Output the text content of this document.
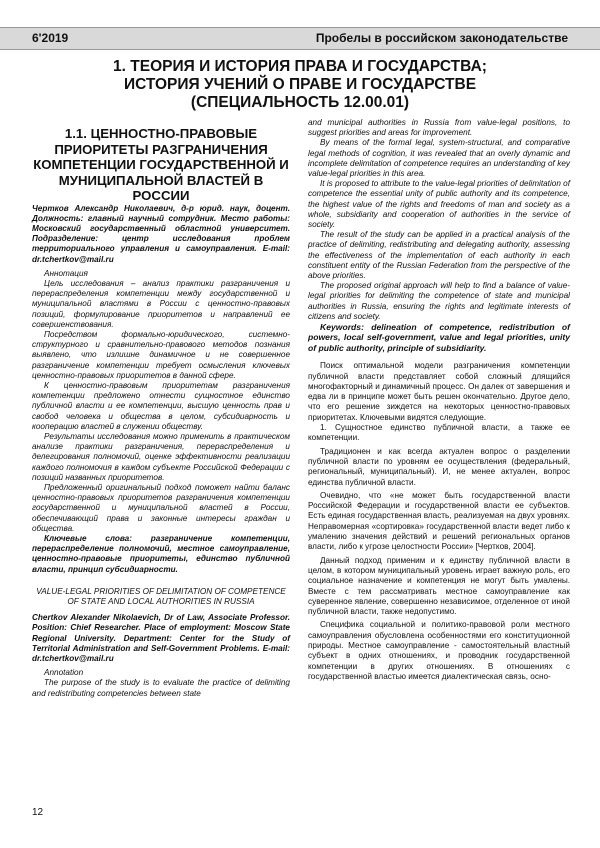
6'2019	Пробелы в российском законодательстве
1. ТЕОРИЯ И ИСТОРИЯ ПРАВА И ГОСУДАРСТВА;
ИСТОРИЯ УЧЕНИЙ О ПРАВЕ И ГОСУДАРСТВЕ
(СПЕЦИАЛЬНОСТЬ 12.00.01)

1.1. ЦЕННОСТНО-ПРАВОВЫЕ ПРИОРИТЕТЫ РАЗГРАНИЧЕНИЯ КОМПЕТЕНЦИИ ГОСУДАРСТВЕННОЙ И МУНИЦИПАЛЬНОЙ ВЛАСТЕЙ В РОССИИ

Чертков Александр Николаевич, д-р юрид. наук, доцент. Должность: главный научный сотрудник. Место работы: Московский государственный областной университет. Подразделение: центр исследования проблем территориального управления и самоуправления. E-mail: dr.tchertkov@mail.ru

Аннотация

Цель исследования – анализ практики разграничения и перераспределения компетенции между государственной и муниципальной властями в России с ценностно-правовых позиций, формулирование приоритетов и направлений ее совершенствования.

Посредством формально-юридического, системно-структурного и сравнительно-правового методов познания выявлено, что излишне динамичное и не совершенное разграничение компетенции требует осмысления ключевых ценностно-правовых приоритетов в данной сфере.

К ценностно-правовым приоритетам разграничения компетенции предложено отнести сущностное единство публичной власти и ее компетенции, высшую ценность прав и свобод человека и общества в целом, субсидиарность и кооперацию властей в служении обществу.

Результаты исследования можно применить в практическом анализе практики разграничения, перераспределения и делегирования полномочий, оценке эффективности реализации каждого полномочия в каждом субъекте Российской Федерации с позиций названных приоритетов.

Предложенный оригинальный подход поможет найти баланс ценностно-правовых приоритетов разграничения компетенции государственной и муниципальной властей в России, обеспечивающий права и законные интересы граждан и общества.

Ключевые слова: разграничение компетенции, перераспределение полномочий, местное самоуправление, ценностно-правовые приоритеты, единство публичной власти, принцип субсидиарности.

VALUE-LEGAL PRIORITIES OF DELIMITATION OF COMPETENCE OF STATE AND LOCAL AUTHORITIES IN RUSSIA

Chertkov Alexander Nikolaevich, Dr of Law, Associate Professor. Position: Chief Researcher. Place of employment: Moscow State Regional University. Department: Center for the Study of Territorial Administration and Self-Government Problems. E-mail: dr.tchertkov@mail.ru

Annotation

The purpose of the study is to evaluate the practice of delimiting and redistributing competencies between state

and municipal authorities in Russia from value-legal positions, to suggest priorities and areas for improvement.

By means of the formal legal, system-structural, and comparative legal methods of cognition, it was revealed that an overly dynamic and incomplete delimitation of competence requires an understanding of key value-legal priorities in this area.

It is proposed to attribute to the value-legal priorities of delimitation of competence the essential unity of public authority and its competence, the highest value of the rights and freedoms of man and society as a whole, subsidiarity and cooperation of authorities in the service of society.

The result of the study can be applied in a practical analysis of the practice of delimiting, redistributing and delegating authority, assessing the effectiveness of the implementation of each authority in each constituent entity of the Russian Federation from the perspective of the above priorities.

The proposed original approach will help to find a balance of value-legal priorities for delimiting the competence of state and municipal authorities in Russia, ensuring the rights and legitimate interests of citizens and society.

Keywords: delineation of competence, redistribution of powers, local self-government, value and legal priorities, unity of public authority, principle of subsidiarity.

Поиск оптимальной модели разграничения компетенции публичной власти представляет собой сложный длящийся многофакторный и динамичный процесс. Он далек от завершения и едва ли в принципе может быть решен окончательно. Другое дело, что его решение зиждется на некоторых ценностно-правовых приоритетах. Ключевыми видятся следующие.

1. Сущностное единство публичной власти, а также ее компетенции.

Традиционен и как всегда актуален вопрос о разделении публичной власти по уровням ее осуществления (федеральный, региональный, муниципальный). И, не менее актуален, вопрос единства публичной власти.

Очевидно, что «не может быть государственной власти Российской Федерации и государственной власти ее субъектов. Есть единая государственная власть, реализуемая на двух уровнях. Неправомерная «сортировка» государственной власти ведет либо к умалению значения действий и решений региональных органов власти, либо к угрозе целостности России» [Чертков, 2004].

Данный подход применим и к единству публичной власти в целом, в котором муниципальный уровень играет важную роль, его социальное назначение и компетенция не могут быть умалены. Вместе с тем рассматривать местное самоуправление как суверенное явление, совершенно независимое, отделенное от иной публичной власти, также недопустимо.

Специфика социальной и политико-правовой роли местного самоуправления обусловлена особенностями его конституционной природы. Местное самоуправление - самостоятельный властный субъект в одних отношениях, и проводник государственной компетенции в других отношениях. В отношениях с государственной властью имеется диалектическая связь, осно-

12
